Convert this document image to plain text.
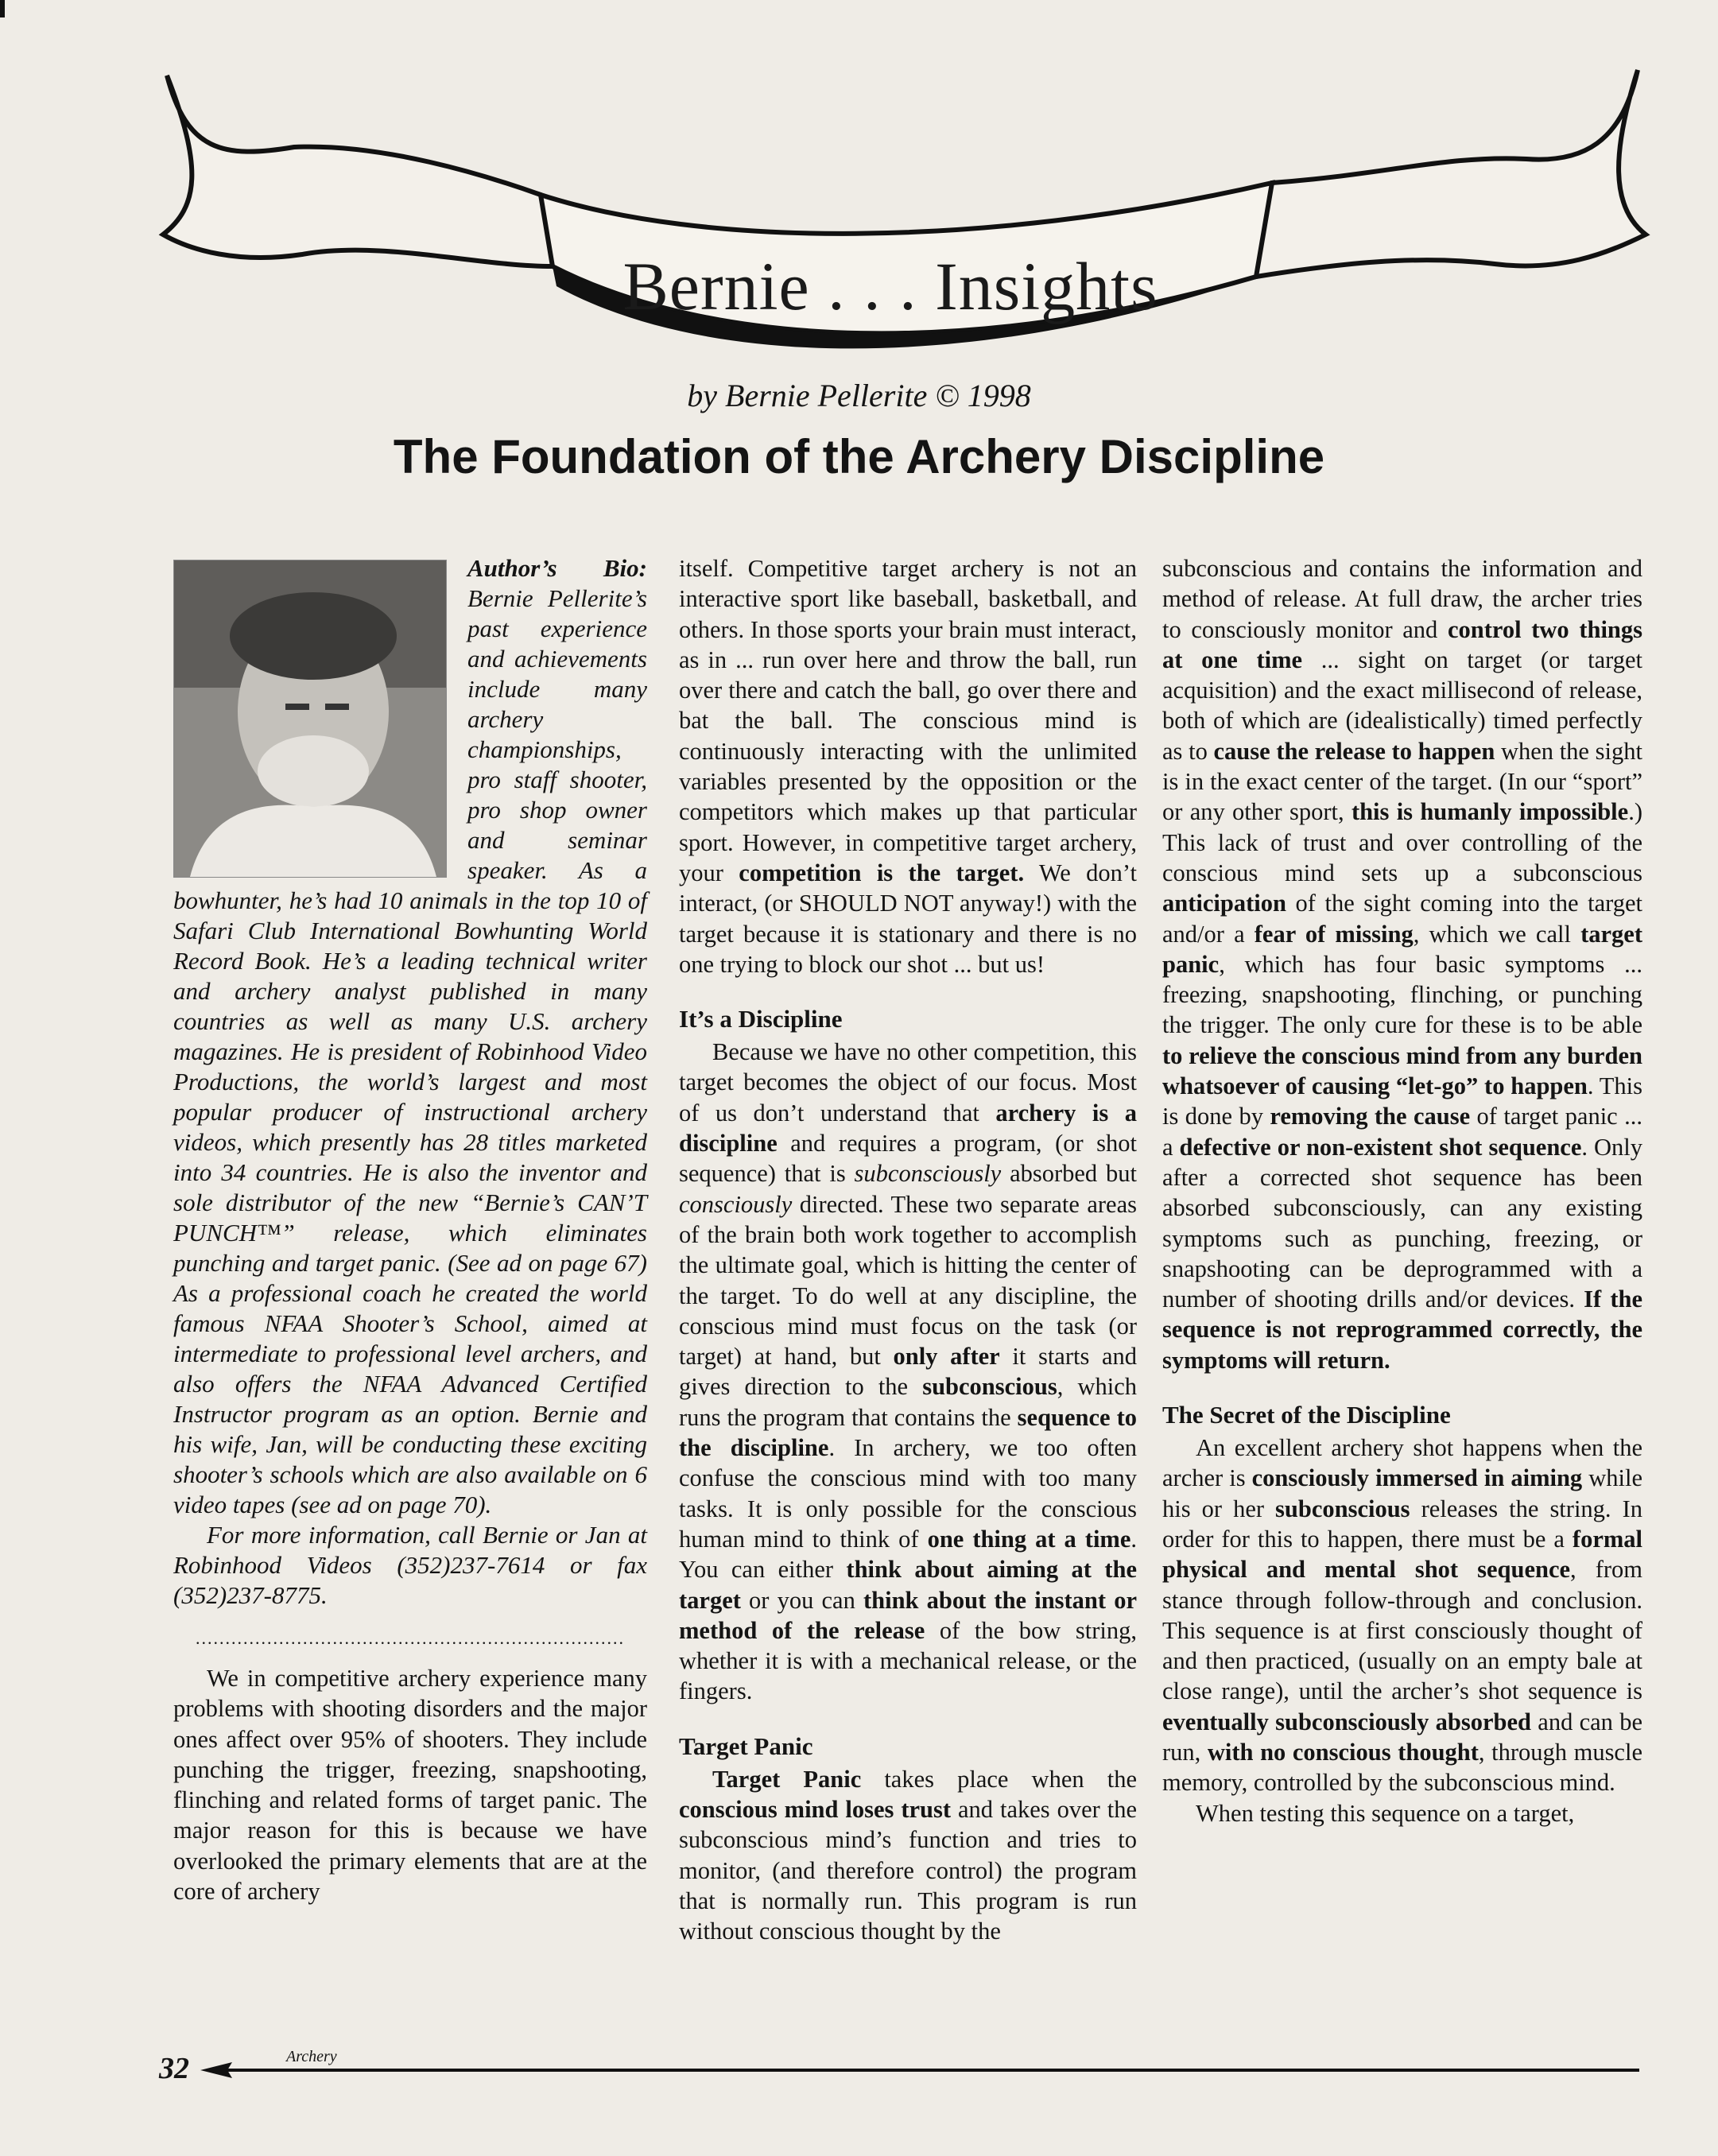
Bernie . . . Insights
by Bernie Pellerite © 1998
The Foundation of the Archery Discipline

Author’s Bio: Bernie Pellerite’s past experience and achievements include many archery championships, pro staff shooter, pro shop owner and seminar speaker. As a bowhunter, he’s had 10 animals in the top 10 of Safari Club International Bowhunting World Record Book. He’s a leading technical writer and archery analyst published in many countries as well as many U.S. archery magazines. He is president of Robinhood Video Productions, the world’s largest and most popular producer of instructional archery videos, which presently has 28 titles marketed into 34 countries. He is also the inventor and sole distributor of the new “Bernie’s CAN’T PUNCH™” release, which eliminates punching and target panic. (See ad on page 67) As a professional coach he created the world famous NFAA Shooter’s School, aimed at intermediate to professional level archers, and also offers the NFAA Advanced Certified Instructor program as an option. Bernie and his wife, Jan, will be conducting these exciting shooter’s schools which are also available on 6 video tapes (see ad on page 70).

For more information, call Bernie or Jan at Robinhood Videos (352)237-7614 or fax (352)237-8775.

........................................................................

We in competitive archery experience many problems with shooting disorders and the major ones affect over 95% of shooters. They include punching the trigger, freezing, snapshooting, flinching and related forms of target panic. The major reason for this is because we have overlooked the primary elements that are at the core of archery

itself. Competitive target archery is not an interactive sport like baseball, basketball, and others. In those sports your brain must interact, as in ... run over here and throw the ball, run over there and catch the ball, go over there and bat the ball. The conscious mind is continuously interacting with the unlimited variables presented by the opposition or the competitors which makes up that particular sport. However, in competitive target archery, your competition is the target. We don’t interact, (or SHOULD NOT anyway!) with the target because it is stationary and there is no one trying to block our shot ... but us!

It’s a Discipline

Because we have no other competition, this target becomes the object of our focus. Most of us don’t understand that archery is a discipline and requires a program, (or shot sequence) that is subconsciously absorbed but consciously directed. These two separate areas of the brain both work together to accomplish the ultimate goal, which is hitting the center of the target. To do well at any discipline, the conscious mind must focus on the task (or target) at hand, but only after it starts and gives direction to the subconscious, which runs the program that contains the sequence to the discipline. In archery, we too often confuse the conscious mind with too many tasks. It is only possible for the conscious human mind to think of one thing at a time. You can either think about aiming at the target or you can think about the instant or method of the release of the bow string, whether it is with a mechanical release, or the fingers.

Target Panic

Target Panic takes place when the conscious mind loses trust and takes over the subconscious mind’s function and tries to monitor, (and therefore control) the program that is normally run. This program is run without conscious thought by the

subconscious and contains the information and method of release. At full draw, the archer tries to consciously monitor and control two things at one time ... sight on target (or target acquisition) and the exact millisecond of release, both of which are (idealistically) timed perfectly as to cause the release to happen when the sight is in the exact center of the target. (In our “sport” or any other sport, this is humanly impossible.) This lack of trust and over controlling of the conscious mind sets up a subconscious anticipation of the sight coming into the target and/or a fear of missing, which we call target panic, which has four basic symptoms ... freezing, snapshooting, flinching, or punching the trigger. The only cure for these is to be able to relieve the conscious mind from any burden whatsoever of causing “let-go” to happen. This is done by removing the cause of target panic ... a defective or non-existent shot sequence. Only after a corrected shot sequence has been absorbed subconsciously, can any existing symptoms such as punching, freezing, or snapshooting can be deprogrammed with a number of shooting drills and/or devices. If the sequence is not reprogrammed correctly, the symptoms will return.

The Secret of the Discipline

An excellent archery shot happens when the archer is consciously immersed in aiming while his or her subconscious releases the string. In order for this to happen, there must be a formal physical and mental shot sequence, from stance through follow-through and conclusion. This sequence is at first consciously thought of and then practiced, (usually on an empty bale at close range), until the archer’s shot sequence is eventually subconsciously absorbed and can be run, with no conscious thought, through muscle memory, controlled by the subconscious mind.

When testing this sequence on a target,

32	Archery
